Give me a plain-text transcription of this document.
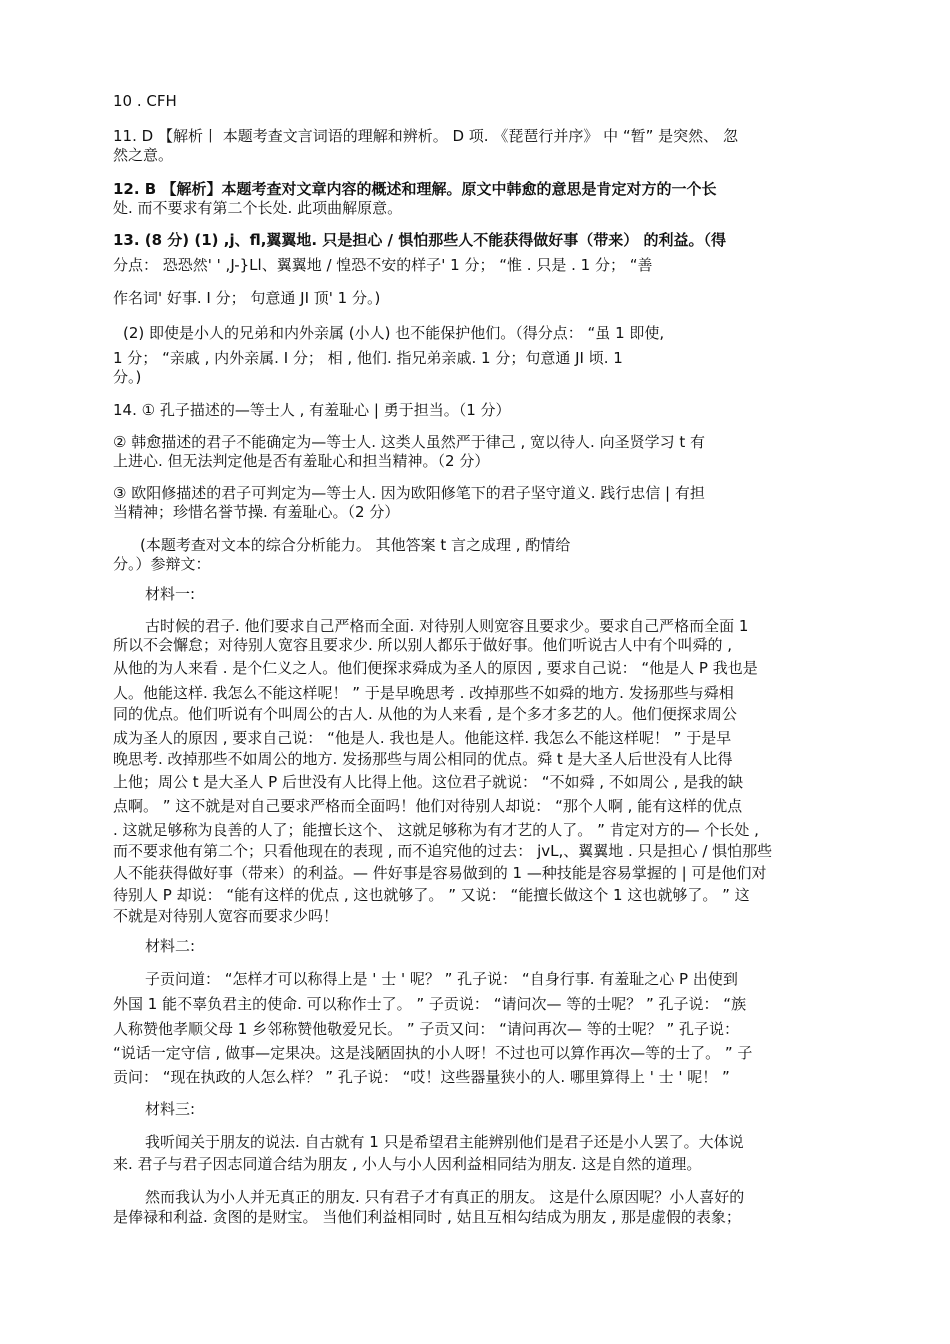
10 . CFH

11. D 【解析丨 本题考查文言词语的理解和辨析。 D 项. 《琵琶行并序》 中 “暂” 是突然、 忽

然之意。

12. B 【解析】本题考查对文章内容的概述和理解。原文中韩愈的意思是肯定对方的一个长

处. 而不要求有第二个长处. 此项曲解原意。

13. (8 分) (1) ,j、fl,翼翼地. 只是担心 / 惧怕那些人不能获得做好事（带来） 的利益。（得

分点： 恐恐然' ' ,J-}Ll、翼翼地 / 惶恐不安的样子' 1 分； “惟 . 只是 . 1 分； “善

作名词' 好事. I 分； 句意通 JI 顶' 1 分。)

(2) 即使是小人的兄弟和内外亲属 (小人) 也不能保护他们。（得分点： “虽 1 即使,

1 分； “亲戚 , 内外亲属. I 分； 相 , 他们. 指兄弟亲戚. 1 分；句意通 JI 顷. 1

分。)

14. ① 孔子描述的—等士人 , 有羞耻心 | 勇于担当。（1 分）

② 韩愈描述的君子不能确定为—等士人. 这类人虽然严于律己 , 宽以待人. 向圣贤学习 t 有

上进心. 但无法判定他是否有羞耻心和担当精神。（2 分）

③ 欧阳修描述的君子可判定为—等士人. 因为欧阳修笔下的君子坚守道义. 践行忠信 | 有担

当精神；珍惜名誉节操. 有羞耻心。（2 分）

(本题考查对文本的综合分析能力。 其他答案 t 言之成理 , 酌情给

分。）参辩文：

材料一:

古时候的君子. 他们要求自己严格而全面. 对待别人则宽容且要求少。要求自己严格而全面 1

所以不会懈怠；对待别人宽容且要求少. 所以别人都乐于做好事。他们听说古人中有个叫舜的 ,

从他的为人来看 . 是个仁义之人。他们便探求舜成为圣人的原因 , 要求自己说： “他是人 P 我也是

人。他能这样. 我怎么不能这样呢！ ” 于是早晚思考 . 改掉那些不如舜的地方. 发扬那些与舜相

同的优点。他们听说有个叫周公的古人. 从他的为人来看 , 是个多才多艺的人。他们便探求周公

成为圣人的原因 , 要求自己说： “他是人. 我也是人。他能这样. 我怎么不能这样呢！ ” 于是早

晚思考. 改掉那些不如周公的地方. 发扬那些与周公相同的优点。舜 t 是大圣人后世没有人比得

上他；周公 t 是大圣人 P 后世没有人比得上他。这位君子就说： “不如舜 , 不如周公 , 是我的缺

点啊。 ” 这不就是对自己要求严格而全面吗！他们对待别人却说： “那个人啊 , 能有这样的优点

. 这就足够称为良善的人了；能擅长这个、 这就足够称为有才艺的人了。 ” 肯定对方的— 个长处 ,

而不要求他有第二个；只看他现在的表现 , 而不追究他的过去： jvL,、翼翼地 . 只是担心 / 惧怕那些

人不能获得做好事（带来）的利益。— 件好事是容易做到的 1 —种技能是容易掌握的 | 可是他们对

待别人 P 却说： “能有这样的优点 , 这也就够了。 ” 又说： “能擅长做这个 1 这也就够了。 ” 这

不就是对待别人宽容而要求少吗！

材料二:

子贡问道： “怎样才可以称得上是 ' 士 ' 呢？ ” 孔子说： “自身行事. 有羞耻之心 P 出使到

外国 1 能不辜负君主的使命. 可以称作士了。 ” 子贡说： “请问次— 等的士呢？ ” 孔子说： “族

人称赞他孝顺父母 1 乡邻称赞他敬爱兄长。 ” 子贡又问： “请问再次— 等的士呢？ ” 孔子说：

“说话一定守信 , 做事—定果决。这是浅陋固执的小人呀！不过也可以算作再次—等的士了。 ” 子

贡问： “现在执政的人怎么样？ ” 孔子说： “哎！这些器量狭小的人. 哪里算得上 ' 士 ' 呢！ ”

材料三:

我听闻关于朋友的说法. 自古就有 1 只是希望君主能辨别他们是君子还是小人罢了。大体说

来. 君子与君子因志同道合结为朋友 , 小人与小人因利益相同结为朋友. 这是自然的道理。

然而我认为小人并无真正的朋友. 只有君子才有真正的朋友。 这是什么原因呢？小人喜好的

是俸禄和利益. 贪图的是财宝。 当他们利益相同时 , 姑且互相勾结成为朋友 , 那是虚假的表象；
